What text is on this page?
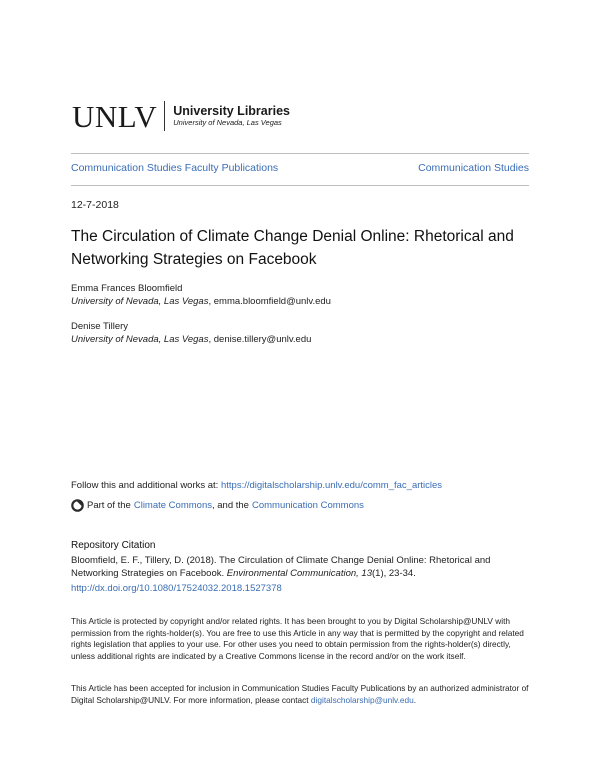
UNLV University Libraries
University of Nevada, Las Vegas
Communication Studies Faculty Publications	Communication Studies
12-7-2018
The Circulation of Climate Change Denial Online: Rhetorical and Networking Strategies on Facebook
Emma Frances Bloomfield
University of Nevada, Las Vegas, emma.bloomfield@unlv.edu
Denise Tillery
University of Nevada, Las Vegas, denise.tillery@unlv.edu
Follow this and additional works at: https://digitalscholarship.unlv.edu/comm_fac_articles
Part of the Climate Commons , and the Communication Commons
Repository Citation
Bloomfield, E. F., Tillery, D. (2018). The Circulation of Climate Change Denial Online: Rhetorical and Networking Strategies on Facebook. Environmental Communication, 13(1), 23-34.
http://dx.doi.org/10.1080/17524032.2018.1527378
This Article is protected by copyright and/or related rights. It has been brought to you by Digital Scholarship@UNLV with permission from the rights-holder(s). You are free to use this Article in any way that is permitted by the copyright and related rights legislation that applies to your use. For other uses you need to obtain permission from the rights-holder(s) directly, unless additional rights are indicated by a Creative Commons license in the record and/or on the work itself.
This Article has been accepted for inclusion in Communication Studies Faculty Publications by an authorized administrator of Digital Scholarship@UNLV. For more information, please contact digitalscholarship@unlv.edu.
